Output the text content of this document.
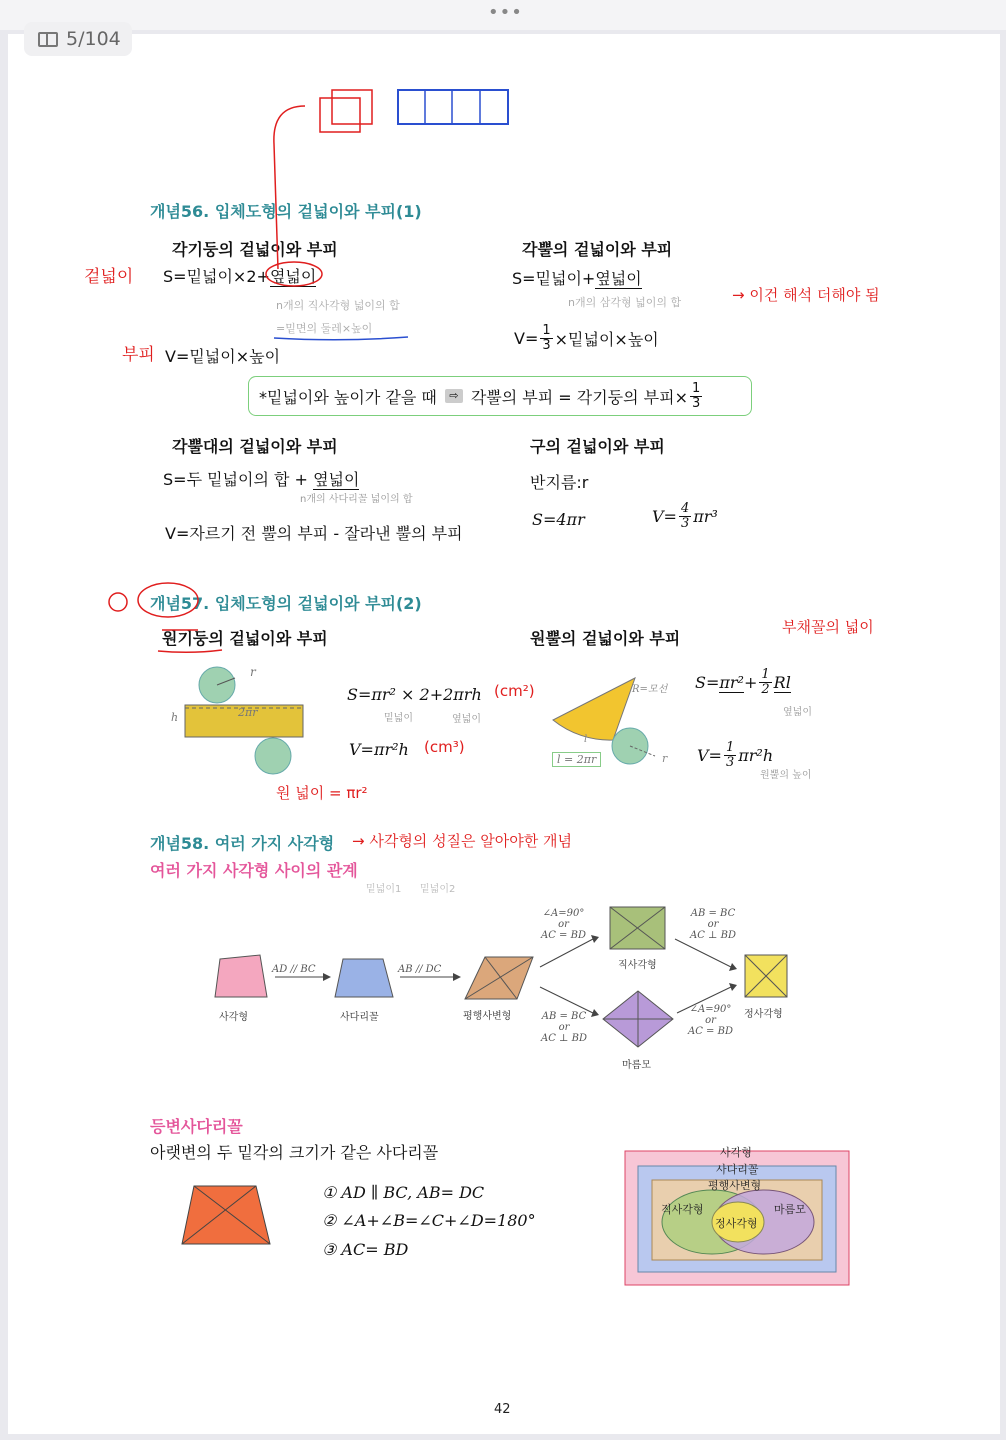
•••
5/104
개념56. 입체도형의 겉넓이와 부피(1)
각기둥의 겉넓이와 부피
S=밑넓이×2+옆넓이
n개의 직사각형 넓이의 합
=밑면의 둘레×높이
V=밑넓이×높이
각뿔의 겉넓이와 부피
S=밑넓이+옆넓이
n개의 삼각형 넓이의 합
$V= \frac{1}{3}$ ×밑넓이×높이
*밑넓이와 높이가 같을 때	⇨ 각뿔의 부피 = 각기둥의 부피× $\frac{1}{3}$
각뿔대의 겉넓이와 부피
S=두 밑넓이의 합 + 옆넓이
n개의 사다리꼴 넓이의 합
V=자르기 전 뿔의 부피 - 잘라낸 뿔의 부피
구의 겉넓이와 부피
반지름:r
S=4πr	$V= \frac{4}{3} \pi r^3$
개념57. 입체도형의 겉넓이와 부피(2)
원기둥의 겉넓이와 부피	원뿔의 겉넓이와 부피
r
2πr
h
S=πr² × 2+2πrh
밑넓이	옆넓이
V=πr²h
R=모선
l
r
l = 2πr
$S= \pi r^2 + \frac{1}{2}$ Rl
옆넓이
$V= \frac{1}{3} \pi r^2h$
원뿔의 높이
개념58. 여러 가지 사각형
여러 가지 사각형 사이의 관계
밑넓이1 밑넓이2
사각형	사다리꼴	평행사변형
직사각형
마름모
정사각형
AD // BC	AB // DC
∠A=90°
or
AC = BD
AB = BC
or
AC ⊥ BD
AB = BC
or
AC ⊥ BD
∠A=90°
or
AC = BD
등변사다리꼴
아랫변의 두 밑각의 크기가 같은 사다리꼴
① AD ∥ BC, AB= DC
② ∠A+∠B=∠C+∠D=180°
③ AC= BD
사각형
사다리꼴
평행사변형
직사각형	마름모
정사각형
겉넓이
부피
→ 이건 해석 더해야 됨
(cm²)
(cm³)
원 넓이 = πr²
부채꼴의 넓이
→ 사각형의 성질은 알아야한 개념
42
